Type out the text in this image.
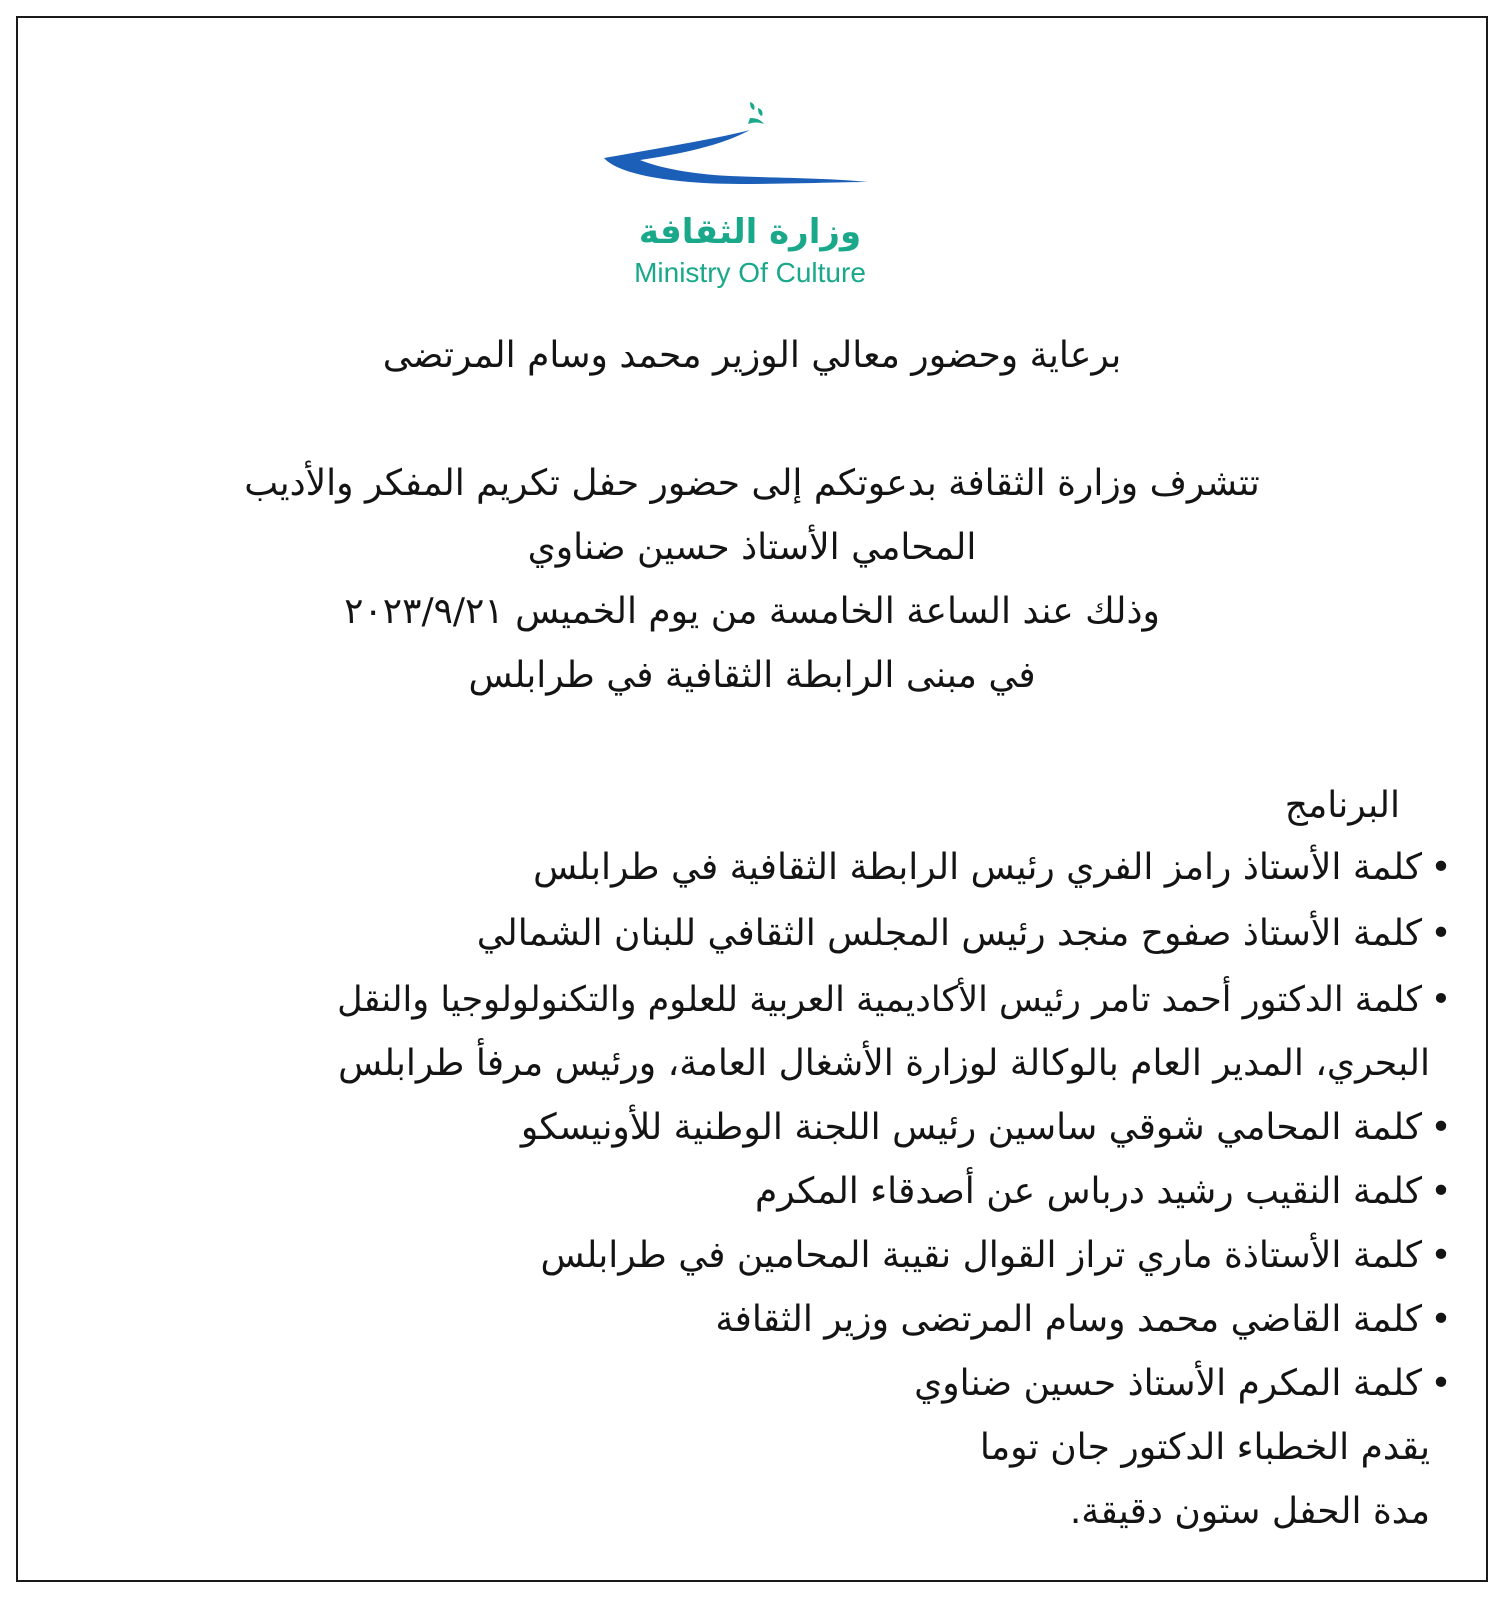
وزارة الثقافة
Ministry Of Culture
برعاية وحضور معالي الوزير محمد وسام المرتضى
تتشرف وزارة الثقافة بدعوتكم إلى حضور حفل تكريم المفكر والأديب
المحامي الأستاذ حسين ضناوي
وذلك عند الساعة الخامسة من يوم الخميس ٢٠٢٣/٩/٢١
في مبنى الرابطة الثقافية في طرابلس
البرنامج
•كلمة الأستاذ رامز الفري رئيس الرابطة الثقافية في طرابلس
•كلمة الأستاذ صفوح منجد رئيس المجلس الثقافي للبنان الشمالي
•كلمة الدكتور أحمد تامر رئيس الأكاديمية العربية للعلوم والتكنولولوجيا والنقل
البحري، المدير العام بالوكالة لوزارة الأشغال العامة، ورئيس مرفأ طرابلس
•كلمة المحامي شوقي ساسين رئيس اللجنة الوطنية للأونيسكو
•كلمة النقيب رشيد درباس عن أصدقاء المكرم
•كلمة الأستاذة ماري تراز القوال نقيبة المحامين في طرابلس
•كلمة القاضي محمد وسام المرتضى وزير الثقافة
•كلمة المكرم الأستاذ حسين ضناوي
يقدم الخطباء الدكتور جان توما
مدة الحفل ستون دقيقة.
